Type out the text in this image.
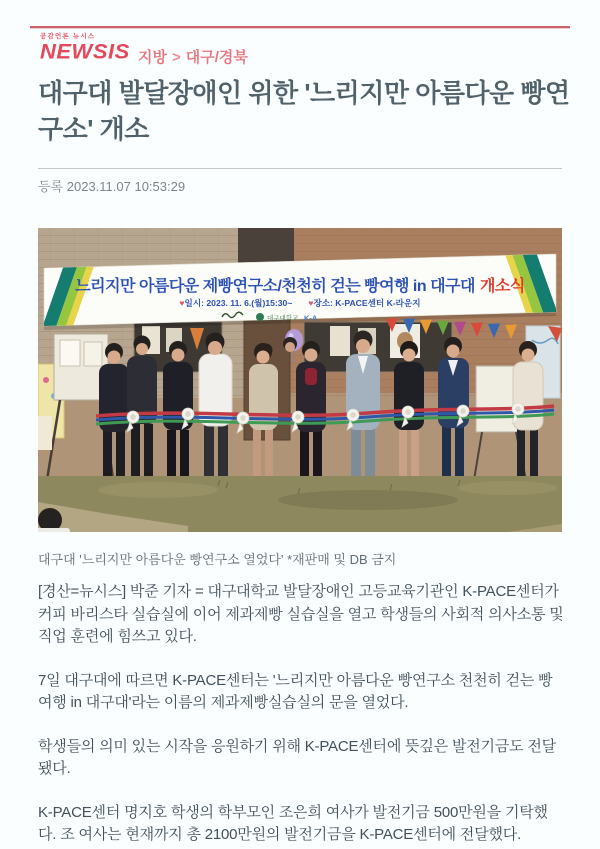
공감언론 뉴시스
NEWSIS 지방 > 대구/경북
대구대 발달장애인 위한 '느리지만 아름다운 빵연구소' 개소
등록 2023.11.07 10:53:29
느리지만 아름다운 제빵연구소/천천히 걷는 빵여행 in 대구대 개소식
♥일시: 2023. 11. 6.(월)15:30~ ♥장소: K-PACE센터 K-라운지
대구대학교 K-A

대구대 '느리지만 아름다운 빵연구소 열었다' *재판매 및 DB 금지

[경산=뉴시스] 박준 기자 = 대구대학교 발달장애인 고등교육기관인 K-PACE센터가 커피 바리스타 실습실에 이어 제과제빵 실습실을 열고 학생들의 사회적 의사소통 및 직업 훈련에 힘쓰고 있다.

7일 대구대에 따르면 K-PACE센터는 '느리지만 아름다운 빵연구소 천천히 걷는 빵여행 in 대구대'라는 이름의 제과제빵실습실의 문을 열었다.

학생들의 의미 있는 시작을 응원하기 위해 K-PACE센터에 뜻깊은 발전기금도 전달됐다.

K-PACE센터 명지호 학생의 학부모인 조은희 여사가 발전기금 500만원을 기탁했다. 조 여사는 현재까지 총 2100만원의 발전기금을 K-PACE센터에 전달했다.
